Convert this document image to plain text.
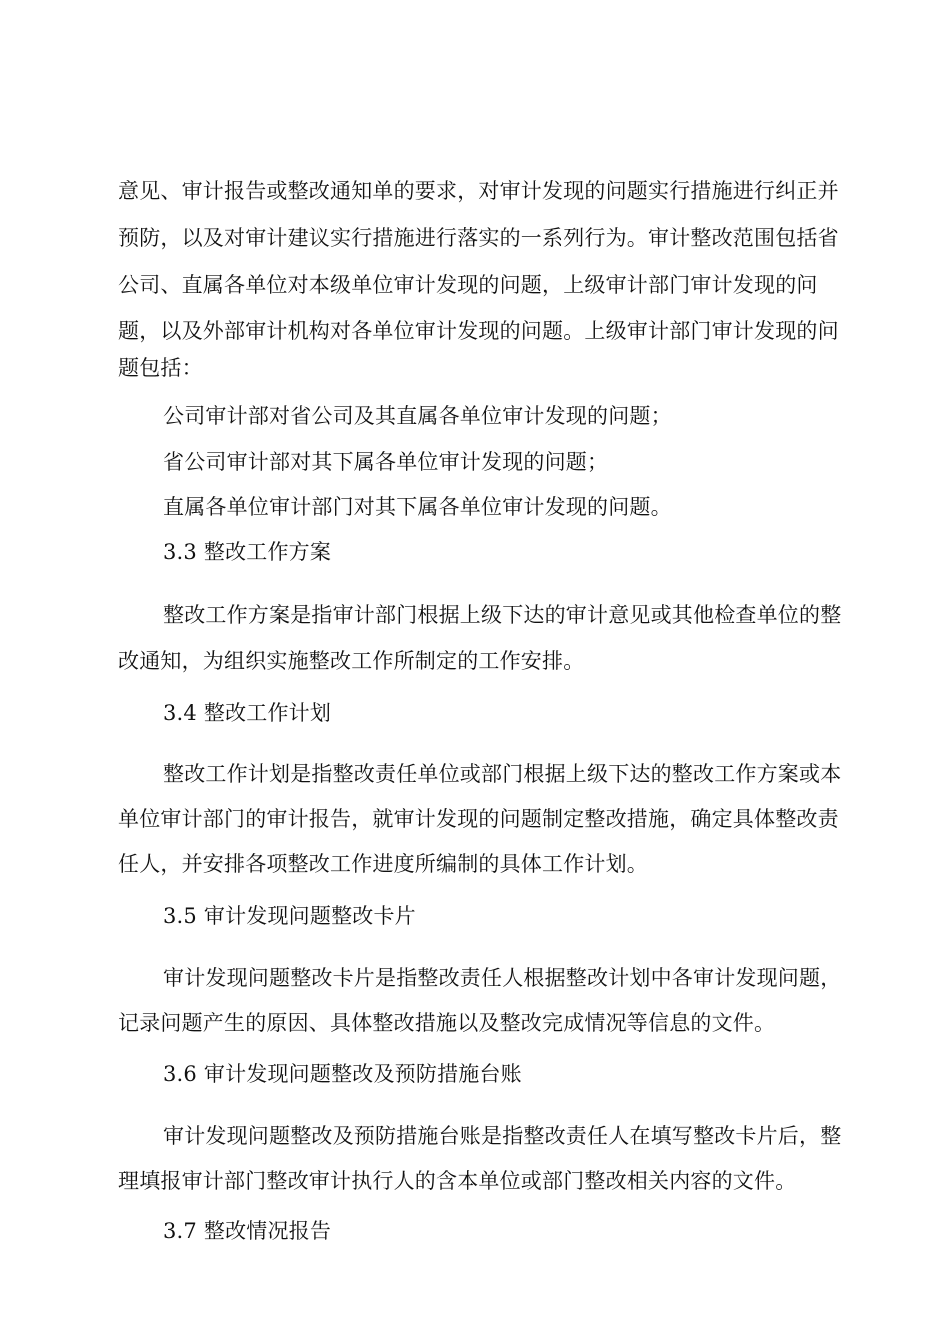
意见、审计报告或整改通知单的要求，对审计发现的问题实行措施进行纠正并
预防，以及对审计建议实行措施进行落实的一系列行为。审计整改范围包括省
公司、直属各单位对本级单位审计发现的问题，上级审计部门审计发现的问
题，以及外部审计机构对各单位审计发现的问题。上级审计部门审计发现的问
题包括：
公司审计部对省公司及其直属各单位审计发现的问题；
省公司审计部对其下属各单位审计发现的问题；
直属各单位审计部门对其下属各单位审计发现的问题。
3.3 整改工作方案
整改工作方案是指审计部门根据上级下达的审计意见或其他检查单位的整
改通知，为组织实施整改工作所制定的工作安排。
3.4 整改工作计划
整改工作计划是指整改责任单位或部门根据上级下达的整改工作方案或本
单位审计部门的审计报告，就审计发现的问题制定整改措施，确定具体整改责
任人，并安排各项整改工作进度所编制的具体工作计划。
3.5 审计发现问题整改卡片
审计发现问题整改卡片是指整改责任人根据整改计划中各审计发现问题，
记录问题产生的原因、具体整改措施以及整改完成情况等信息的文件。
3.6 审计发现问题整改及预防措施台账
审计发现问题整改及预防措施台账是指整改责任人在填写整改卡片后，整
理填报审计部门整改审计执行人的含本单位或部门整改相关内容的文件。
3.7 整改情况报告
